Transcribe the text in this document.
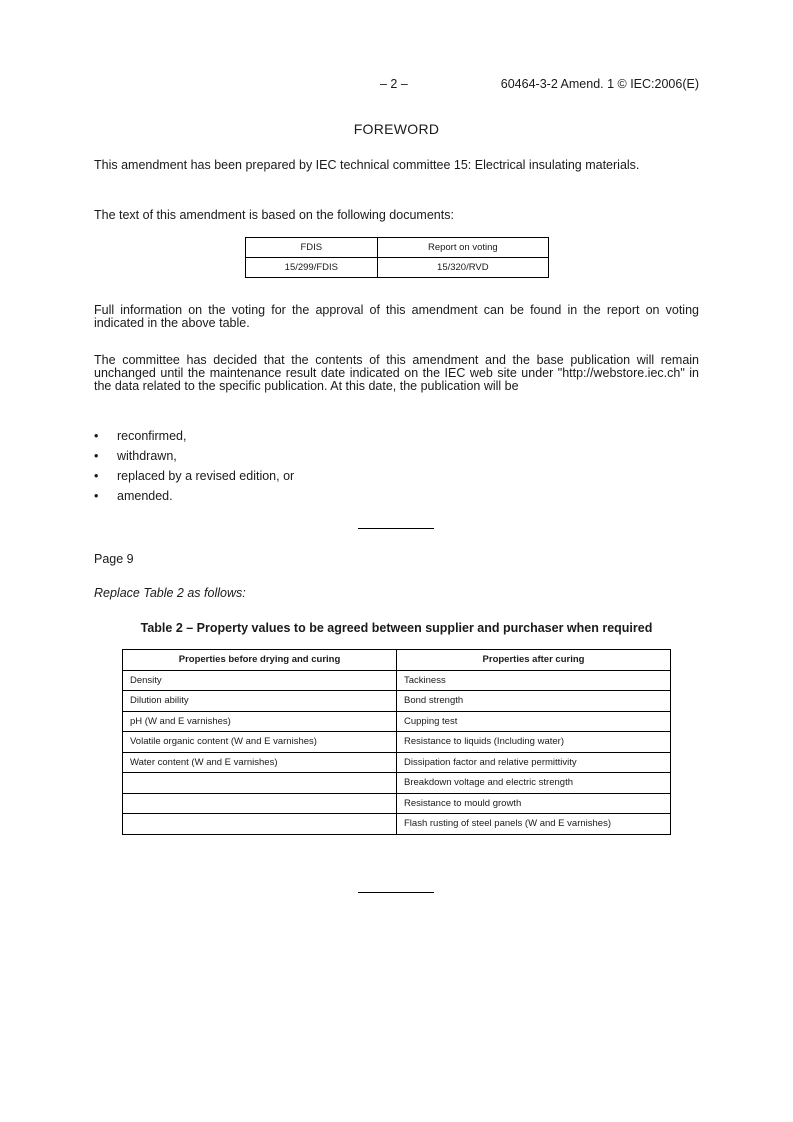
– 2 –	60464-3-2 Amend. 1 © IEC:2006(E)
FOREWORD

This amendment has been prepared by IEC technical committee 15: Electrical insulating materials.

The text of this amendment is based on the following documents:

FDIS	Report on voting
15/299/FDIS	15/320/RVD

Full information on the voting for the approval of this amendment can be found in the report on voting indicated in the above table.

The committee has decided that the contents of this amendment and the base publication will remain unchanged until the maintenance result date indicated on the IEC web site under "http://webstore.iec.ch" in the data related to the specific publication. At this date, the publication will be

• reconfirmed,
• withdrawn,
• replaced by a revised edition, or
• amended.
Page 9
Replace Table 2 as follows:
Table 2 – Property values to be agreed between supplier and purchaser when required
Properties before drying and curing	Properties after curing
Density	Tackiness
Dilution ability	Bond strength
pH (W and E varnishes)	Cupping test
Volatile organic content (W and E varnishes)	Resistance to liquids (Including water)
Water content (W and E varnishes)	Dissipation factor and relative permittivity
	Breakdown voltage and electric strength
	Resistance to mould growth
	Flash rusting of steel panels (W and E varnishes)
